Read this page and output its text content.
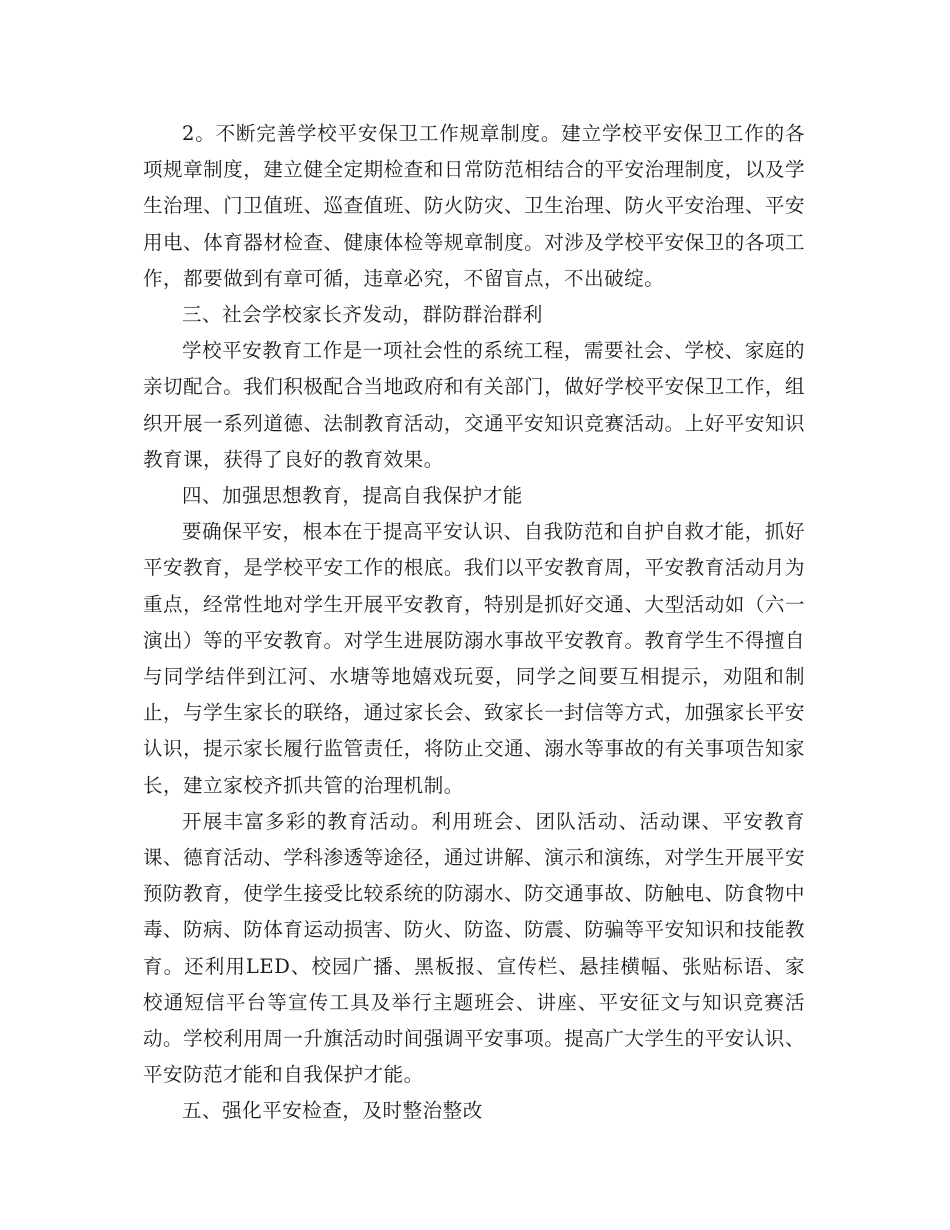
2。不断完善学校平安保卫工作规章制度。建立学校平安保卫工作的各项规章制度，建立健全定期检查和日常防范相结合的平安治理制度，以及学生治理、门卫值班、巡查值班、防火防灾、卫生治理、防火平安治理、平安用电、体育器材检查、健康体检等规章制度。对涉及学校平安保卫的各项工作，都要做到有章可循，违章必究，不留盲点，不出破绽。

三、社会学校家长齐发动，群防群治群利

学校平安教育工作是一项社会性的系统工程，需要社会、学校、家庭的亲切配合。我们积极配合当地政府和有关部门，做好学校平安保卫工作，组织开展一系列道德、法制教育活动，交通平安知识竞赛活动。上好平安知识教育课，获得了良好的教育效果。

四、加强思想教育，提高自我保护才能

要确保平安，根本在于提高平安认识、自我防范和自护自救才能，抓好平安教育，是学校平安工作的根底。我们以平安教育周，平安教育活动月为重点，经常性地对学生开展平安教育，特别是抓好交通、大型活动如（六一演出）等的平安教育。对学生进展防溺水事故平安教育。教育学生不得擅自与同学结伴到江河、水塘等地嬉戏玩耍，同学之间要互相提示，劝阻和制止，与学生家长的联络，通过家长会、致家长一封信等方式，加强家长平安认识，提示家长履行监管责任，将防止交通、溺水等事故的有关事项告知家长，建立家校齐抓共管的治理机制。

开展丰富多彩的教育活动。利用班会、团队活动、活动课、平安教育课、德育活动、学科渗透等途径，通过讲解、演示和演练，对学生开展平安预防教育，使学生接受比较系统的防溺水、防交通事故、防触电、防食物中毒、防病、防体育运动损害、防火、防盗、防震、防骗等平安知识和技能教育。还利用LED、校园广播、黑板报、宣传栏、悬挂横幅、张贴标语、家校通短信平台等宣传工具及举行主题班会、讲座、平安征文与知识竞赛活动。学校利用周一升旗活动时间强调平安事项。提高广大学生的平安认识、平安防范才能和自我保护才能。

五、强化平安检查，及时整治整改
